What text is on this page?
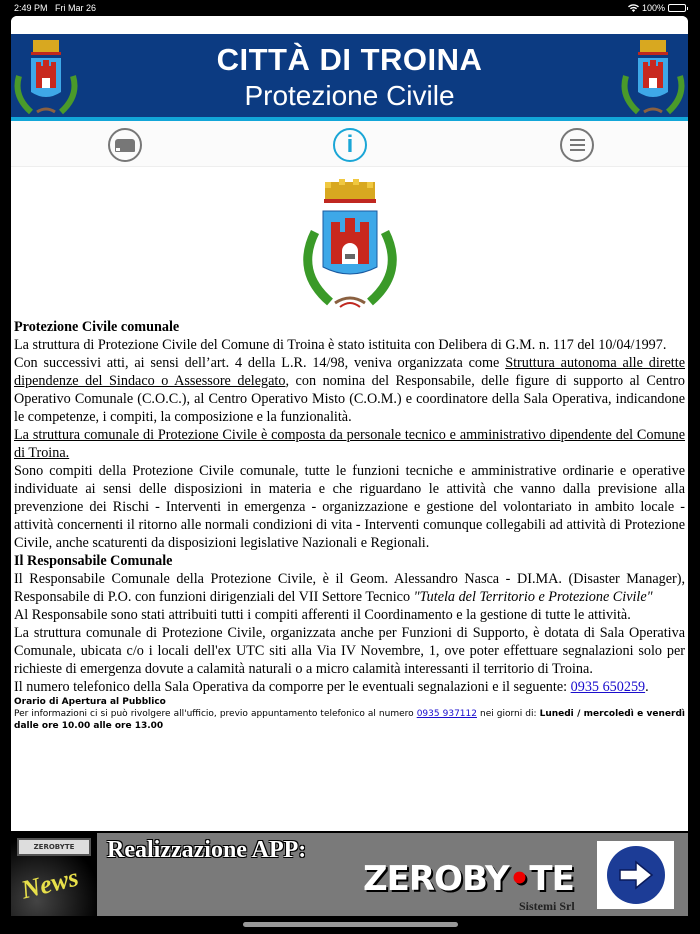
2:49 PM Fri Mar 26	100%
CITTÀ DI TROINA
Protezione Civile
i

Protezione Civile comunale

La struttura di Protezione Civile del Comune di Troina è stato istituita con Delibera di G.M. n. 117 del 10/04/1997.

Con successivi atti, ai sensi dell’art. 4 della L.R. 14/98, veniva organizzata come Struttura autonoma alle dirette dipendenze del Sindaco o Assessore delegato, con nomina del Responsabile, delle figure di supporto al Centro Operativo Comunale (C.O.C.), al Centro Operativo Misto (C.O.M.) e coordinatore della Sala Operativa, indicandone le competenze, i compiti, la composizione e la funzionalità.

La struttura comunale di Protezione Civile è composta da personale tecnico e amministrativo dipendente del Comune di Troina.

Sono compiti della Protezione Civile comunale, tutte le funzioni tecniche e amministrative ordinarie e operative individuate ai sensi delle disposizioni in materia e che riguardano le attività che vanno dalla previsione alla prevenzione dei Rischi - Interventi in emergenza - organizzazione e gestione del volontariato in ambito locale - attività concernenti il ritorno alle normali condizioni di vita - Interventi comunque collegabili ad attività di Protezione Civile, anche scaturenti da disposizioni legislative Nazionali e Regionali.

Il Responsabile Comunale

Il Responsabile Comunale della Protezione Civile, è il Geom. Alessandro Nasca - DI.MA. (Disaster Manager), Responsabile di P.O. con funzioni dirigenziali del VII Settore Tecnico "Tutela del Territorio e Protezione Civile"

Al Responsabile sono stati attribuiti tutti i compiti afferenti il Coordinamento e la gestione di tutte le attività.

La struttura comunale di Protezione Civile, organizzata anche per Funzioni di Supporto, è dotata di Sala Operativa Comunale, ubicata c/o i locali dell'ex UTC siti alla Via IV Novembre, 1, ove poter effettuare segnalazioni solo per richieste di emergenza dovute a calamità naturali o a micro calamità interessanti il territorio di Troina.

Il numero telefonico della Sala Operativa da comporre per le eventuali segnalazioni e il seguente: 0935 650259.

Orario di Apertura al Pubblico

Per informazioni ci si può rivolgere all'ufficio, previo appuntamento telefonico al numero 0935 937112 nei giorni di: Lunedi / mercoledì e venerdì dalle ore 10.00 alle ore 13.00

ZEROBYTE
News
Realizzazione APP:
ZEROBY•TE
Sistemi Srl
